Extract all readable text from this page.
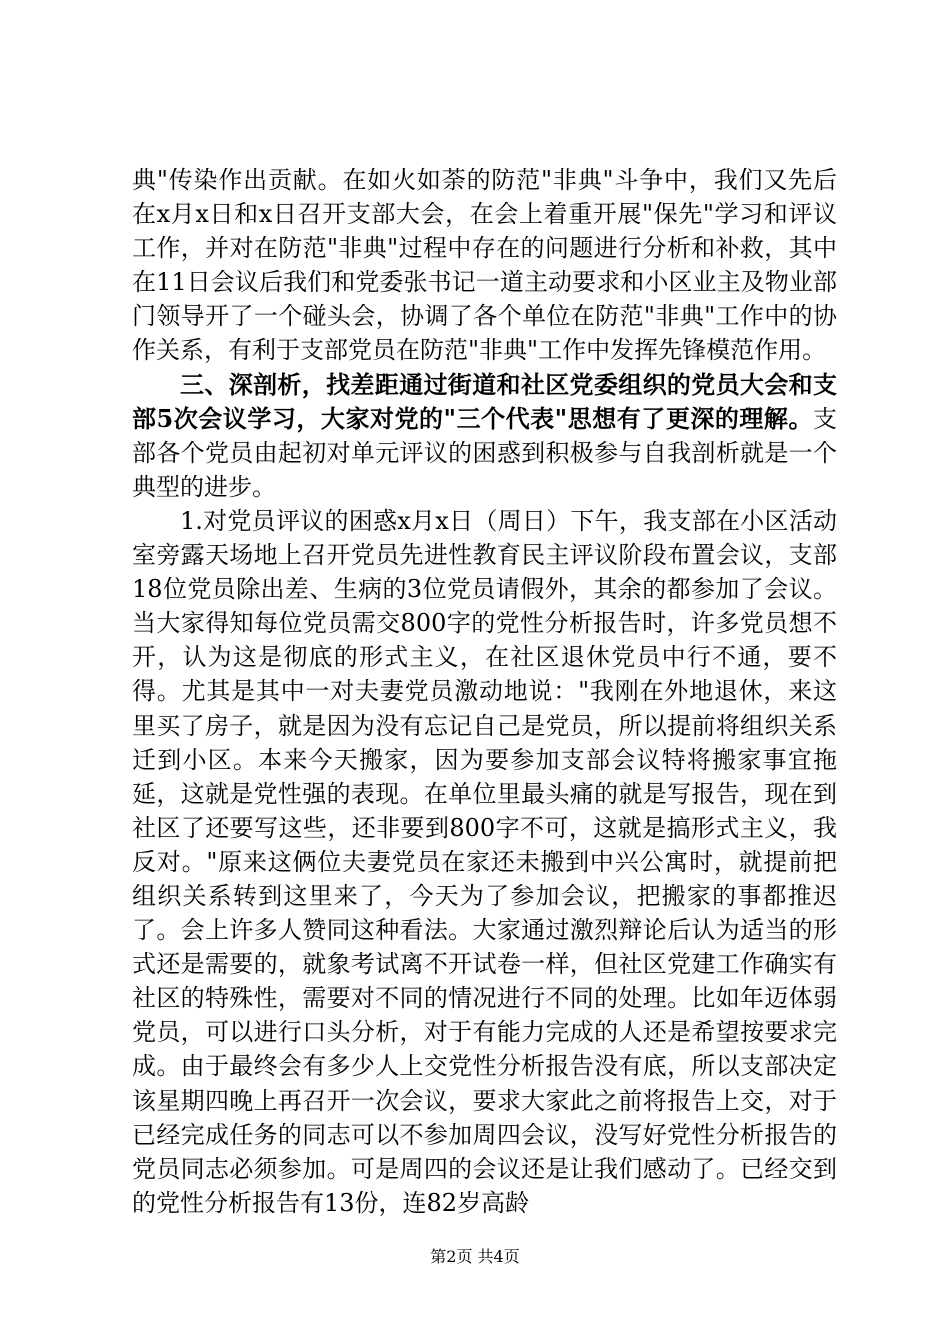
典"传染作出贡献。在如火如荼的防范"非典"斗争中，我们又先后在x月x日和x日召开支部大会，在会上着重开展"保先"学习和评议工作，并对在防范"非典"过程中存在的问题进行分析和补救，其中在11日会议后我们和党委张书记一道主动要求和小区业主及物业部门领导开了一个碰头会，协调了各个单位在防范"非典"工作中的协作关系，有利于支部党员在防范"非典"工作中发挥先锋模范作用。

三、深剖析，找差距通过街道和社区党委组织的党员大会和支部5次会议学习，大家对党的"三个代表"思想有了更深的理解。支部各个党员由起初对单元评议的困惑到积极参与自我剖析就是一个典型的进步。

1.对党员评议的困惑x月x日（周日）下午，我支部在小区活动室旁露天场地上召开党员先进性教育民主评议阶段布置会议，支部18位党员除出差、生病的3位党员请假外，其余的都参加了会议。当大家得知每位党员需交800字的党性分析报告时，许多党员想不开，认为这是彻底的形式主义，在社区退休党员中行不通，要不得。尤其是其中一对夫妻党员激动地说："我刚在外地退休，来这里买了房子，就是因为没有忘记自己是党员，所以提前将组织关系迁到小区。本来今天搬家，因为要参加支部会议特将搬家事宜拖延，这就是党性强的表现。在单位里最头痛的就是写报告，现在到社区了还要写这些，还非要到800字不可，这就是搞形式主义，我反对。"原来这俩位夫妻党员在家还未搬到中兴公寓时，就提前把组织关系转到这里来了，今天为了参加会议，把搬家的事都推迟了。会上许多人赞同这种看法。大家通过激烈辩论后认为适当的形式还是需要的，就象考试离不开试卷一样，但社区党建工作确实有社区的特殊性，需要对不同的情况进行不同的处理。比如年迈体弱党员，可以进行口头分析，对于有能力完成的人还是希望按要求完成。由于最终会有多少人上交党性分析报告没有底，所以支部决定该星期四晚上再召开一次会议，要求大家此之前将报告上交，对于已经完成任务的同志可以不参加周四会议，没写好党性分析报告的党员同志必须参加。可是周四的会议还是让我们感动了。已经交到的党性分析报告有13份，连82岁高龄

第2页 共4页
